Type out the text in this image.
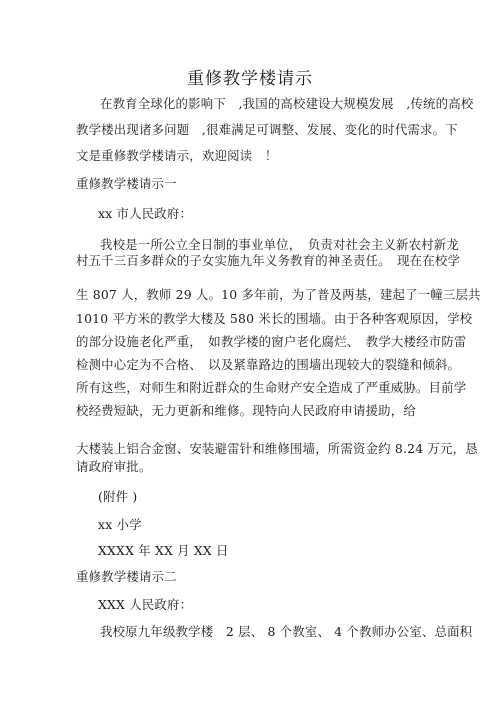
重修教学楼请示
在教育全球化的影响下　,我国的高校建设大规模发展　,传统的高校
教学楼出现诸多问题　,很难满足可调整、发展、变化的时代需求。下
文是重修教学楼请示，欢迎阅读　！
重修教学楼请示一
xx 市人民政府：
我校是一所公立全日制的事业单位，　负责对社会主义新农村新龙
村五千三百多群众的子女实施九年义务教育的神圣责任。　现在在校学
生 807 人，教师 29 人。10 多年前，为了普及两基，建起了一幢三层共
1010 平方米的教学大楼及 580 米长的围墙。由于各种客观原因，学校
的部分设施老化严重，　如教学楼的窗户老化腐烂、　教学大楼经市防雷
检测中心定为不合格、　以及紧靠路边的围墙出现较大的裂缝和倾斜。
所有这些，对师生和附近群众的生命财产安全造成了严重威胁。目前学
校经费短缺，无力更新和维修。现特向人民政府申请援助，给
大楼装上铝合金窗、安装避雷针和维修围墙，所需资金约 8.24 万元，恳
请政府审批。
(附件 )
xx 小学
XXXX 年 XX 月 XX 日
重修教学楼请示二
XXX 人民政府：
我校原九年级教学楼　2 层、 8 个教室、 4 个教师办公室、总面积
